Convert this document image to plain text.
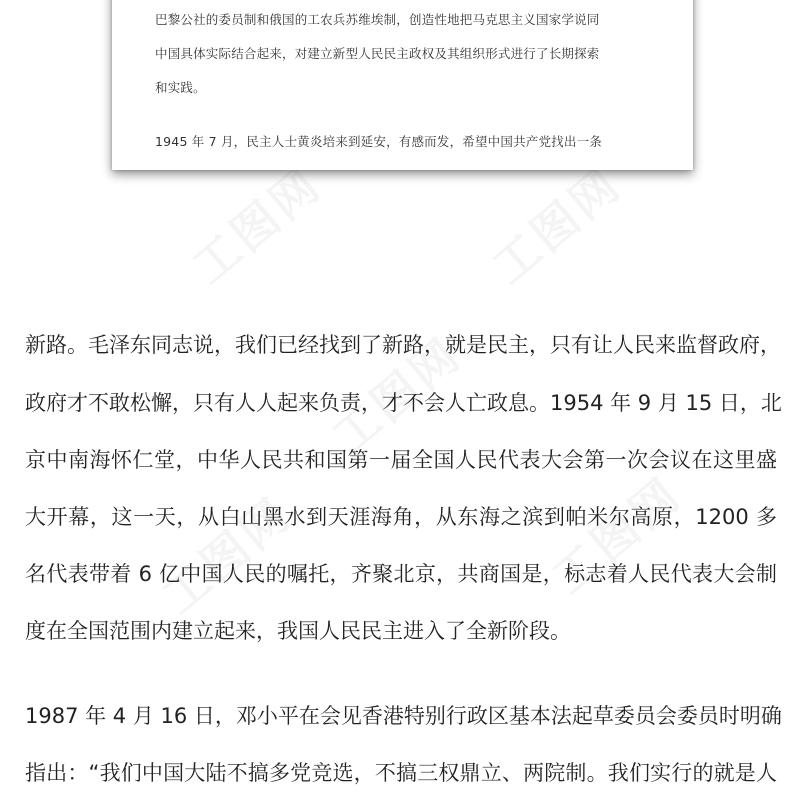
工图网	工图网
工图网
工图网	工图网
巴黎公社的委员制和俄国的工农兵苏维埃制，创造性地把马克思主义国家学说同
中国具体实际结合起来，对建立新型人民民主政权及其组织形式进行了长期探索
和实践。
1945 年 7 月，民主人士黄炎培来到延安，有感而发，希望中国共产党找出一条
新路。毛泽东同志说，我们已经找到了新路，就是民主，只有让人民来监督政府，
政府才不敢松懈，只有人人起来负责，才不会人亡政息。1954 年 9 月 15 日，北
京中南海怀仁堂，中华人民共和国第一届全国人民代表大会第一次会议在这里盛
大开幕，这一天，从白山黑水到天涯海角，从东海之滨到帕米尔高原，1200 多
名代表带着 6 亿中国人民的嘱托，齐聚北京，共商国是，标志着人民代表大会制
度在全国范围内建立起来，我国人民民主进入了全新阶段。
1987 年 4 月 16 日，邓小平在会见香港特别行政区基本法起草委员会委员时明确
指出：“我们中国大陆不搞多党竞选，不搞三权鼎立、两院制。我们实行的就是人
